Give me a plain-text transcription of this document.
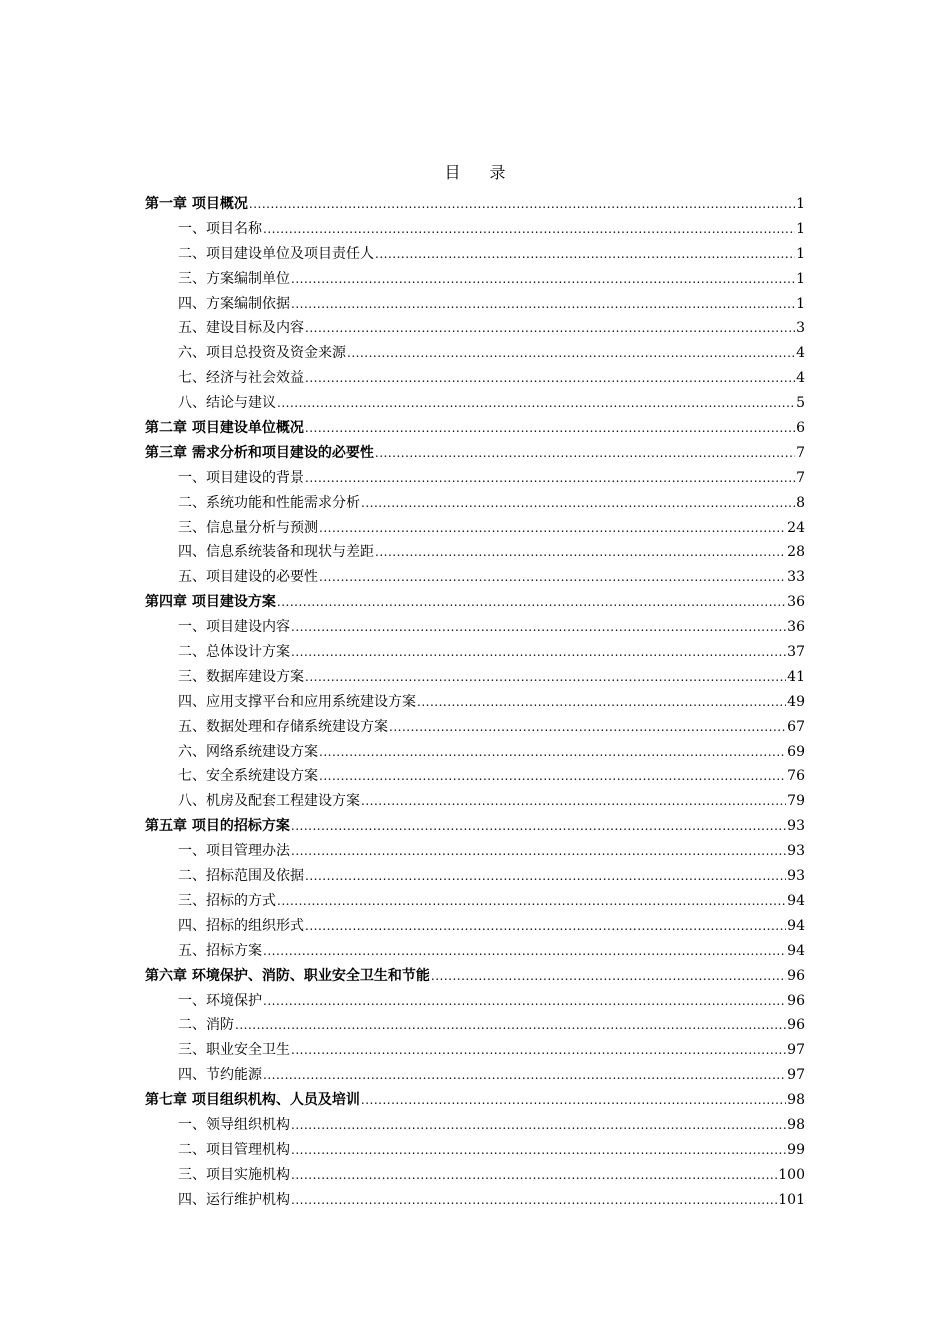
目 录
第一章 项目概况 .....	1
一、项目名称 .....	1
二、项目建设单位及项目责任人 .....	1
三、方案编制单位 .....	1
四、方案编制依据 .....	1
五、建设目标及内容 .....	3
六、项目总投资及资金来源 .....	4
七、经济与社会效益 .....	4
八、结论与建议 .....	5
第二章 项目建设单位概况 .....	6
第三章 需求分析和项目建设的必要性 .....	7
一、项目建设的背景 .....	7
二、系统功能和性能需求分析 .....	8
三、信息量分析与预测 .....	24
四、信息系统装备和现状与差距 .....	28
五、项目建设的必要性 .....	33
第四章 项目建设方案 .....	36
一、项目建设内容 .....	36
二、总体设计方案 .....	37
三、数据库建设方案 .....	41
四、应用支撑平台和应用系统建设方案 .....	49
五、数据处理和存储系统建设方案 .....	67
六、网络系统建设方案 .....	69
七、安全系统建设方案 .....	76
八、机房及配套工程建设方案 .....	79
第五章 项目的招标方案 .....	93
一、项目管理办法 .....	93
二、招标范围及依据 .....	93
三、招标的方式 .....	94
四、招标的组织形式 .....	94
五、招标方案 .....	94
第六章 环境保护、消防、职业安全卫生和节能 .....	96
一、环境保护 .....	96
二、消防 .....	96
三、职业安全卫生 .....	97
四、节约能源 .....	97
第七章 项目组织机构、人员及培训 .....	98
一、领导组织机构 .....	98
二、项目管理机构 .....	99
三、项目实施机构 .....	100
四、运行维护机构 .....	101
